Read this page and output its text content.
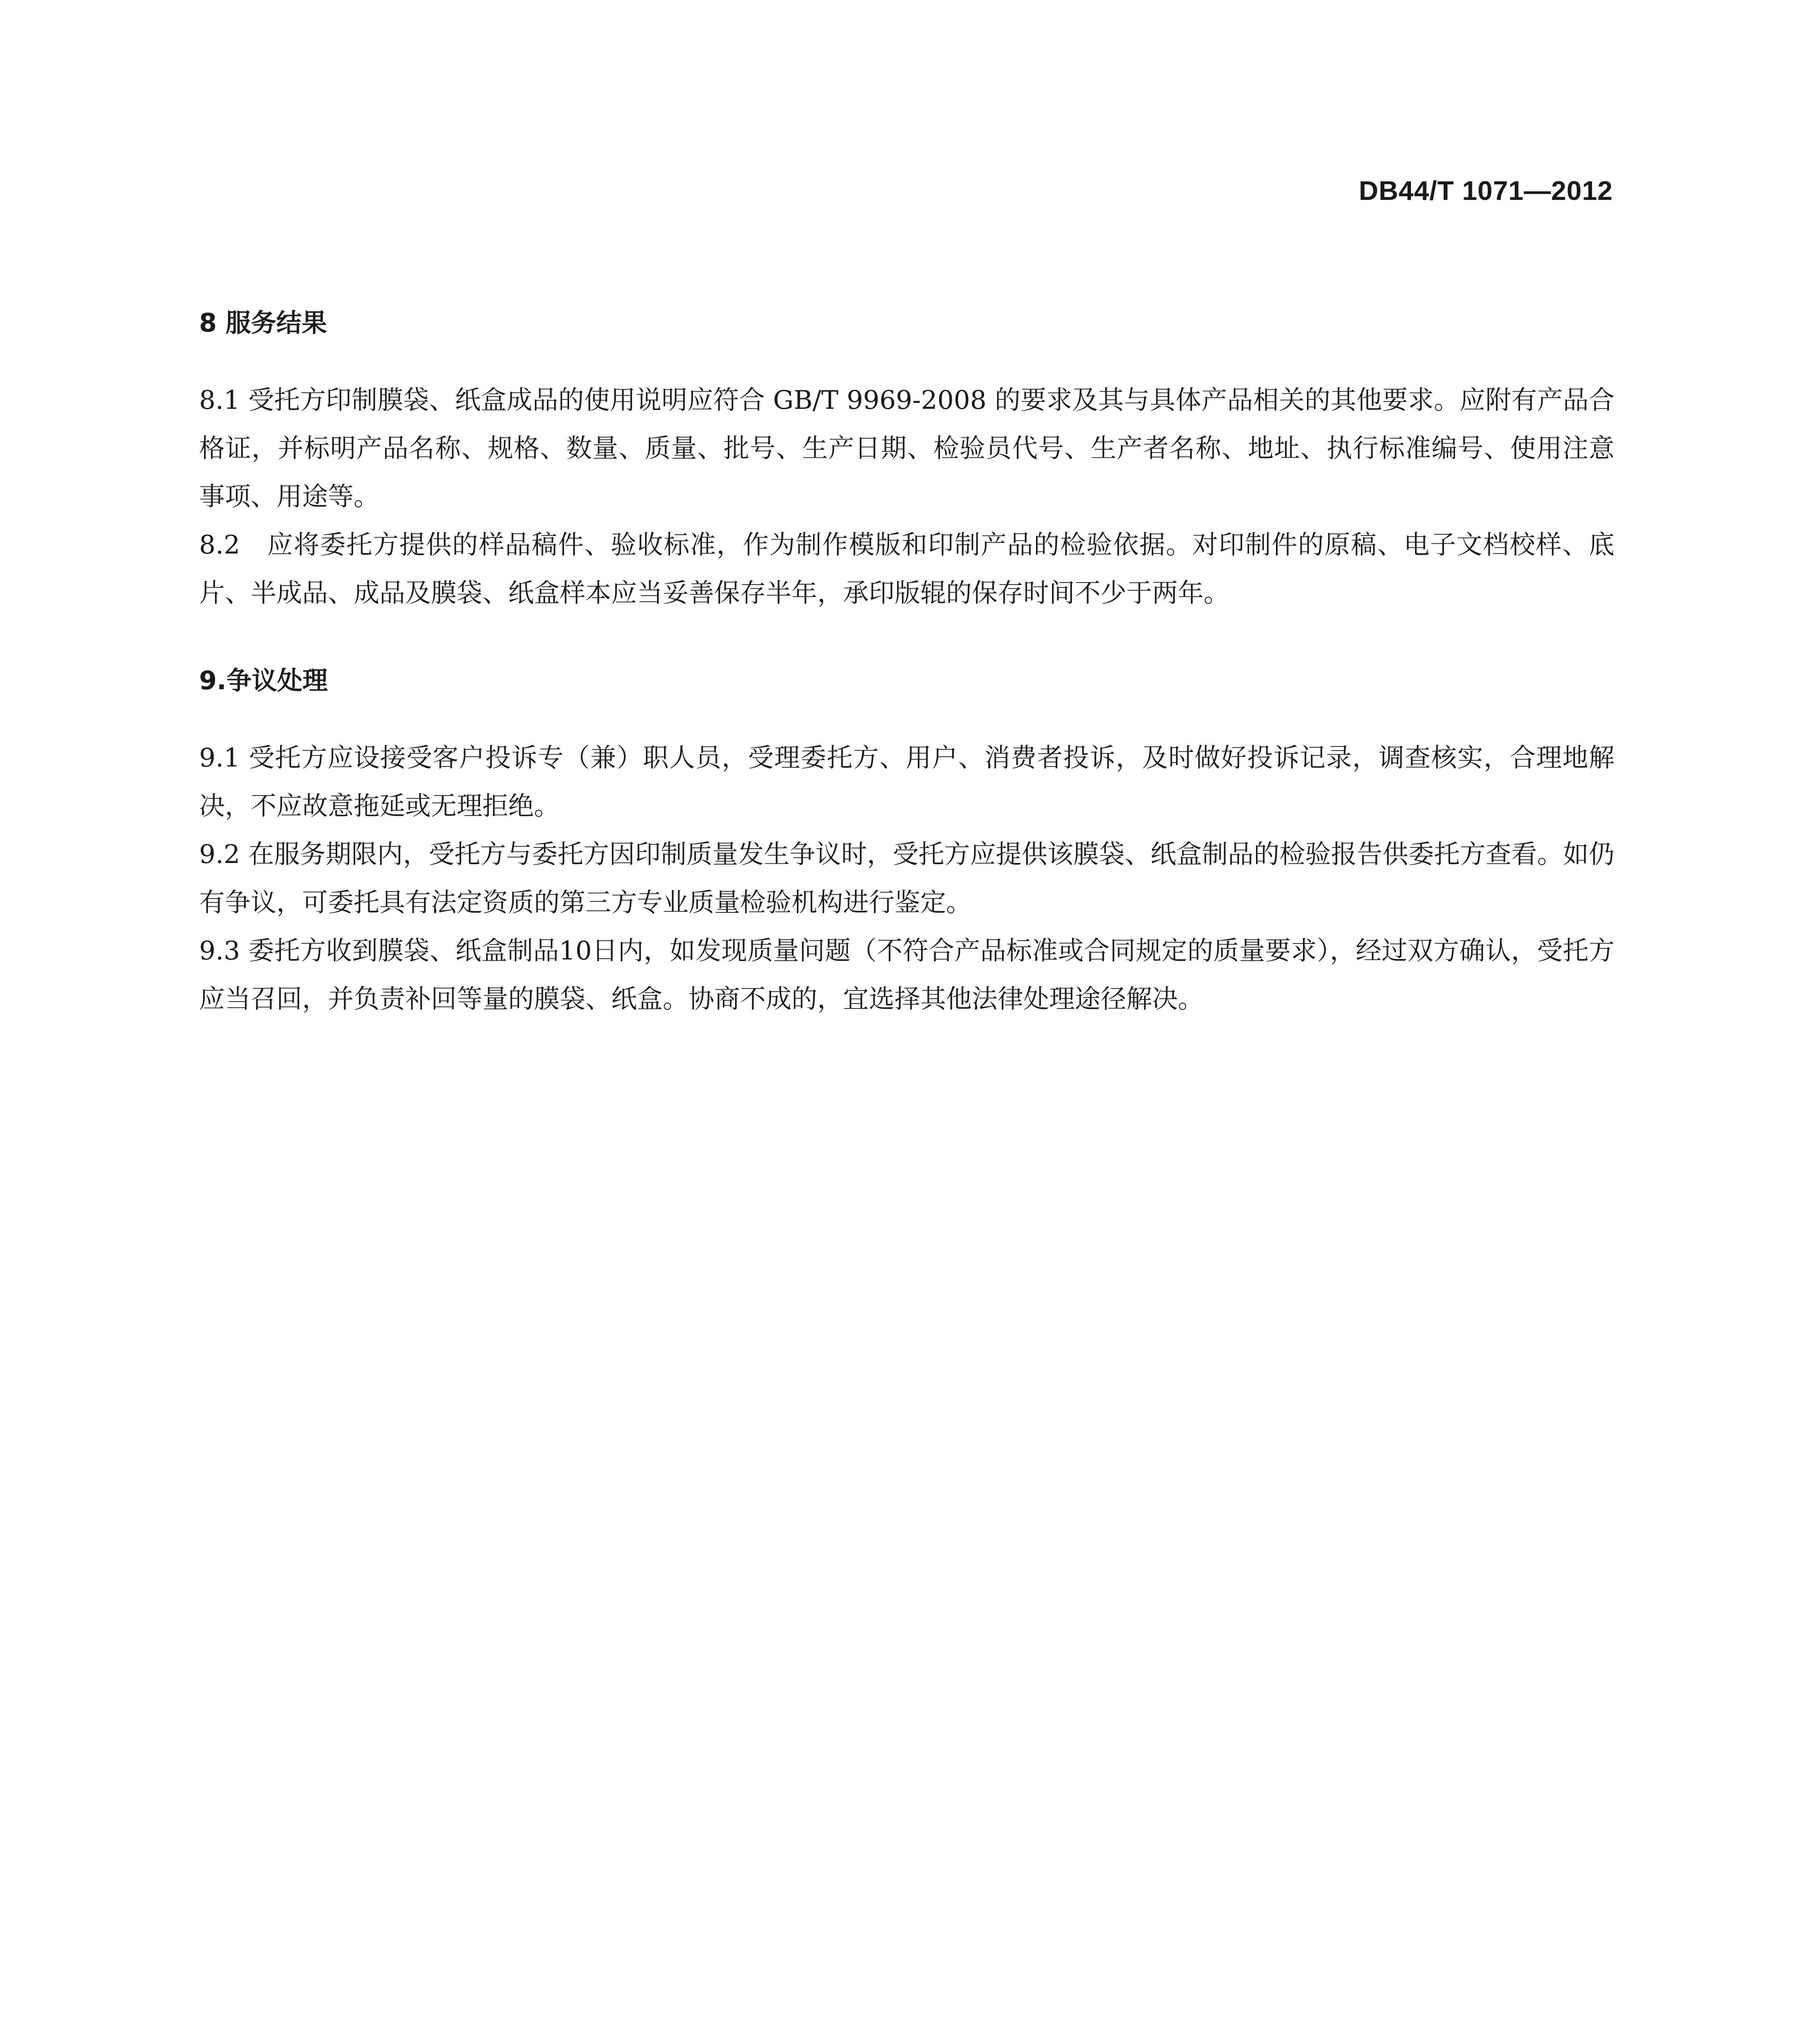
DB44/T 1071—2012

8 服务结果

8.1 受托方印制膜袋、纸盒成品的使用说明应符合 GB/T 9969-2008 的要求及其与具体产品相关的其他要求。应附有产品合格证，并标明产品名称、规格、数量、质量、批号、生产日期、检验员代号、生产者名称、地址、执行标准编号、使用注意事项、用途等。

8.2　应将委托方提供的样品稿件、验收标准，作为制作模版和印制产品的检验依据。对印制件的原稿、电子文档校样、底片、半成品、成品及膜袋、纸盒样本应当妥善保存半年，承印版辊的保存时间不少于两年。

9.争议处理

9.1 受托方应设接受客户投诉专（兼）职人员，受理委托方、用户、消费者投诉，及时做好投诉记录，调查核实，合理地解决，不应故意拖延或无理拒绝。

9.2 在服务期限内，受托方与委托方因印制质量发生争议时，受托方应提供该膜袋、纸盒制品的检验报告供委托方查看。如仍有争议，可委托具有法定资质的第三方专业质量检验机构进行鉴定。

9.3 委托方收到膜袋、纸盒制品10日内，如发现质量问题（不符合产品标准或合同规定的质量要求），经过双方确认，受托方应当召回，并负责补回等量的膜袋、纸盒。协商不成的，宜选择其他法律处理途径解决。
